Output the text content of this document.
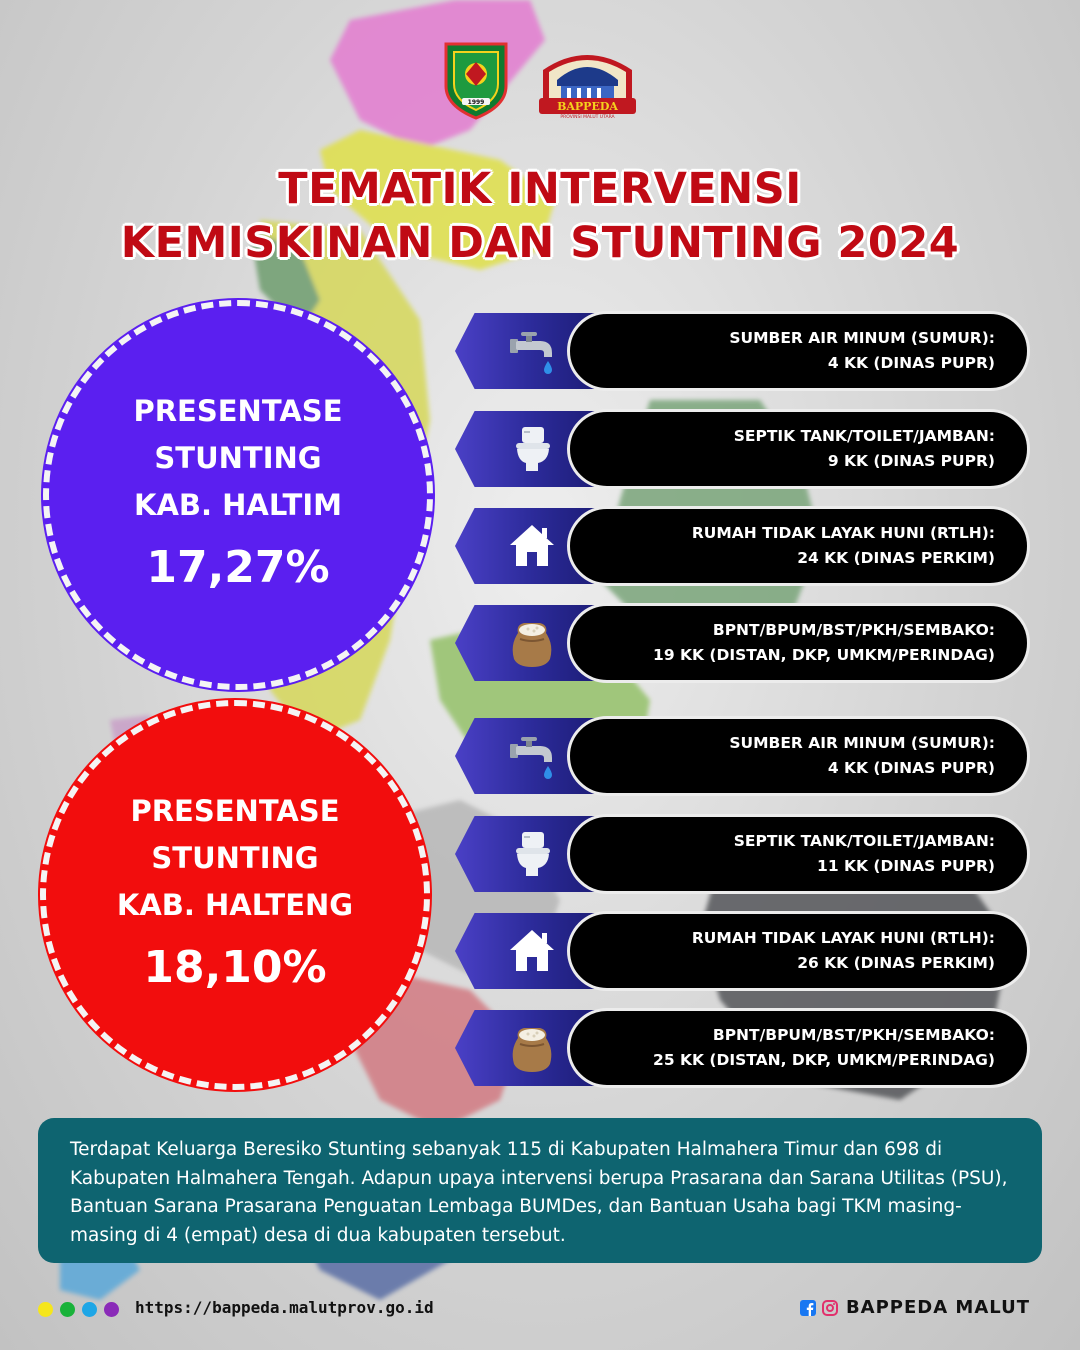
1999	BAPPEDA
PROVINSI MALUT UTARA
TEMATIK INTERVENSI
KEMISKINAN DAN STUNTING 2024
PRESENTASE
STUNTING
KAB. HALTIM
17,27%
PRESENTASE
STUNTING
KAB. HALTENG
18,10%
SUMBER AIR MINUM (SUMUR):
4 KK (DINAS PUPR)
SEPTIK TANK/TOILET/JAMBAN:
9 KK (DINAS PUPR)
RUMAH TIDAK LAYAK HUNI (RTLH):
24 KK (DINAS PERKIM)
BPNT/BPUM/BST/PKH/SEMBAKO:
19 KK (DISTAN, DKP, UMKM/PERINDAG)
SUMBER AIR MINUM (SUMUR):
4 KK (DINAS PUPR)
SEPTIK TANK/TOILET/JAMBAN:
11 KK (DINAS PUPR)
RUMAH TIDAK LAYAK HUNI (RTLH):
26 KK (DINAS PERKIM)
BPNT/BPUM/BST/PKH/SEMBAKO:
25 KK (DISTAN, DKP, UMKM/PERINDAG)

Terdapat Keluarga Beresiko Stunting sebanyak 115 di Kabupaten Halmahera Timur dan 698 di Kabupaten Halmahera Tengah. Adapun upaya intervensi berupa Prasarana dan Sarana Utilitas (PSU), Bantuan Sarana Prasarana Penguatan Lembaga BUMDes, dan Bantuan Usaha bagi TKM masing-masing di 4 (empat) desa di dua kabupaten tersebut.

https://bappeda.malutprov.go.id	BAPPEDA MALUT
